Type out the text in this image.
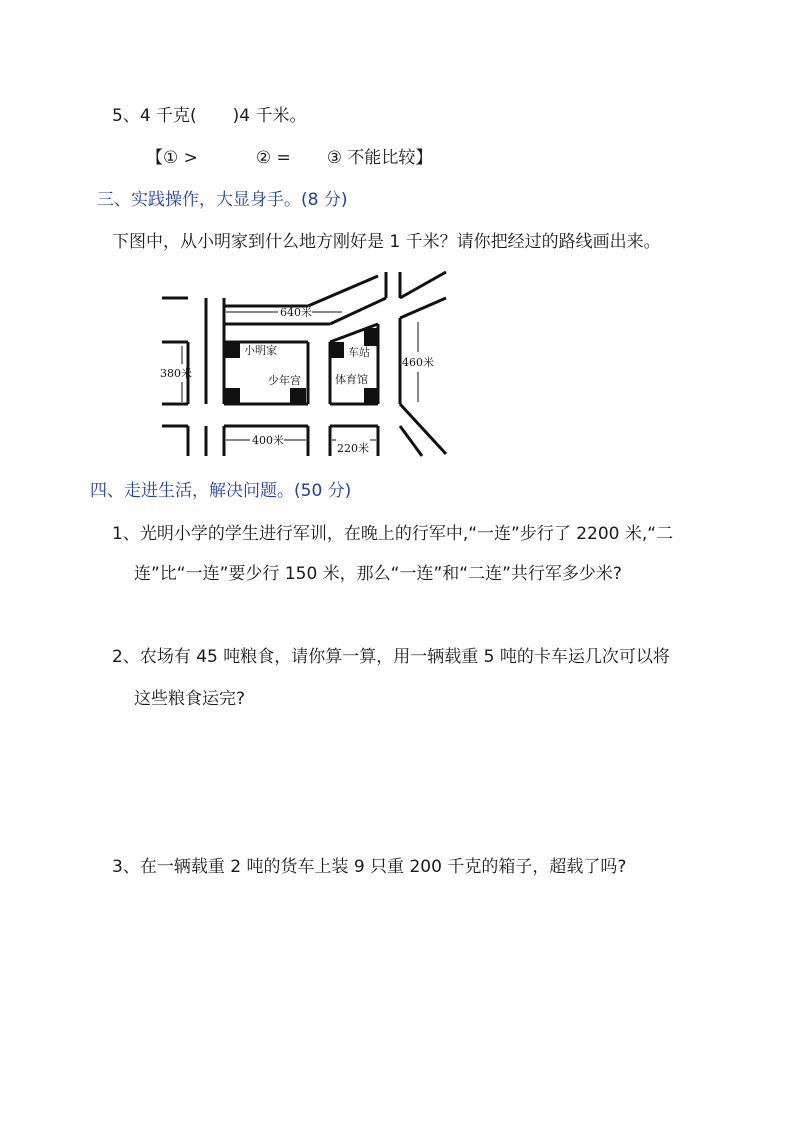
5、4 千克( )4 千米。
【① >	② = ③ 不能比较】
三、实践操作，大显身手。(8 分)
下图中，从小明家到什么地方刚好是 1 千米？请你把经过的路线画出来。
640米
380米
460米
400米
220米
小明家
少年宫
车站
体育馆
四、走进生活，解决问题。(50 分)
1、光明小学的学生进行军训，在晚上的行军中,“一连”步行了 2200 米,“二
连”比“一连”要少行 150 米，那么“一连”和“二连”共行军多少米?
2、农场有 45 吨粮食，请你算一算，用一辆载重 5 吨的卡车运几次可以将
这些粮食运完?
3、在一辆载重 2 吨的货车上装 9 只重 200 千克的箱子，超载了吗?
